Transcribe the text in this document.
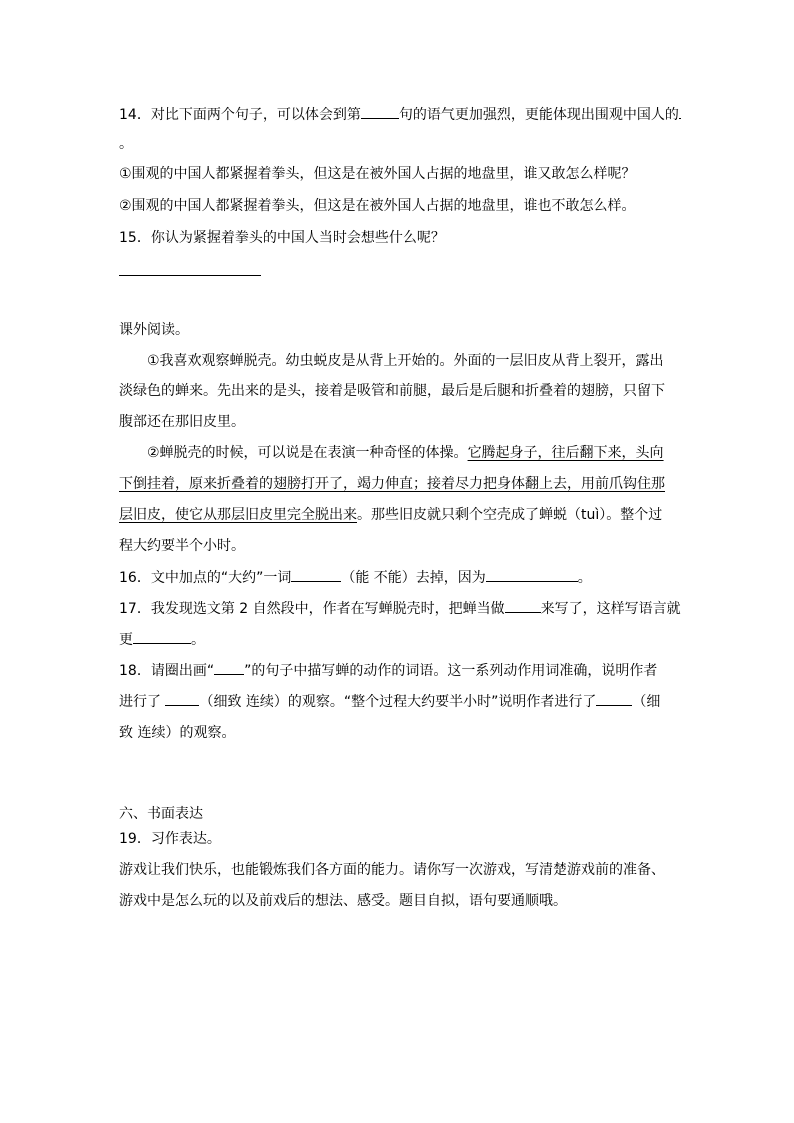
14．对比下面两个句子，可以体会到第	句的语气更加强烈，更能体现出围观中国人的
。
①围观的中国人都紧握着拳头，但这是在被外国人占据的地盘里，谁又敢怎么样呢？
②围观的中国人都紧握着拳头，但这是在被外国人占据的地盘里，谁也不敢怎么样。
15．你认为紧握着拳头的中国人当时会想些什么呢？
课外阅读。
①我喜欢观察蝉脱壳。幼虫蜕皮是从背上开始的。外面的一层旧皮从背上裂开，露出
淡绿色的蝉来。先出来的是头，接着是吸管和前腿，最后是后腿和折叠着的翅膀，只留下
腹部还在那旧皮里。
②蝉脱壳的时候，可以说是在表演一种奇怪的体操。它腾起身子，往后翻下来，头向
下倒挂着，原来折叠着的翅膀打开了，竭力伸直；接着尽力把身体翻上去，用前爪钩住那
层旧皮，使它从那层旧皮里完全脱出来。那些旧皮就只剩个空壳成了蝉蜕（tuì）。整个过
程大约要半个小时。
16．文中加点的“大约”一词	（能 不能）去掉，因为	。
17．我发现选文第 2 自然段中，作者在写蝉脱壳时，把蝉当做	来写了，这样写语言就
更	。
18．请圈出画“ ”的句子中描写蝉的动作的词语。这一系列动作用词准确，说明作者
进行了 （细致 连续）的观察。“整个过程大约要半小时”说明作者进行了	（细
致 连续）的观察。
六、书面表达
19．习作表达。
游戏让我们快乐，也能锻炼我们各方面的能力。请你写一次游戏，写清楚游戏前的准备、
游戏中是怎么玩的以及前戏后的想法、感受。题目自拟，语句要通顺哦。
